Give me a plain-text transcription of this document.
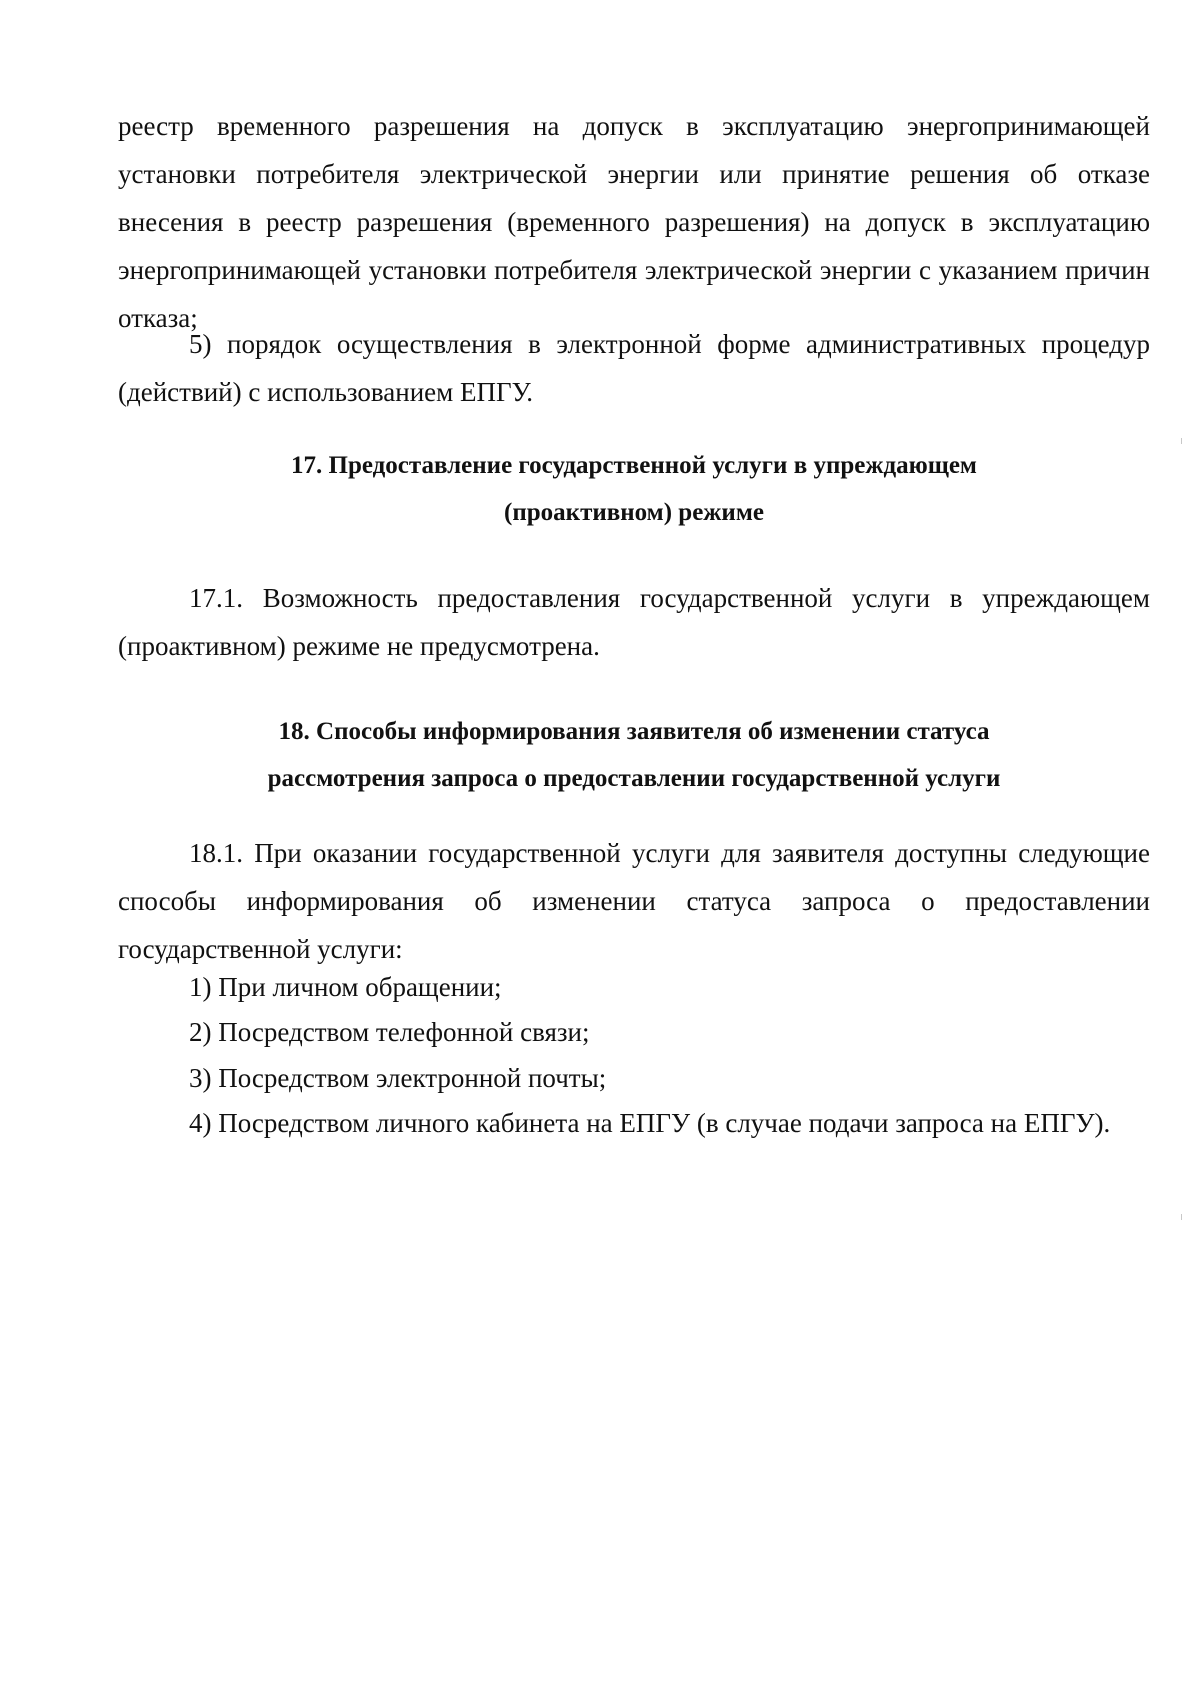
реестр временного разрешения на допуск в эксплуатацию энергопринимающей установки потребителя электрической энергии или принятие решения об отказе внесения в реестр разрешения (временного разрешения) на допуск в эксплуатацию энергопринимающей установки потребителя электрической энергии с указанием причин отказа;

5) порядок осуществления в электронной форме административных процедур (действий) с использованием ЕПГУ.

17. Предоставление государственной услуги в упреждающем
(проактивном) режиме

17.1. Возможность предоставления государственной услуги в упреждающем (проактивном) режиме не предусмотрена.

18. Способы информирования заявителя об изменении статуса
рассмотрения запроса о предоставлении государственной услуги

18.1. При оказании государственной услуги для заявителя доступны следующие способы информирования об изменении статуса запроса о предоставлении государственной услуги:

1) При личном обращении;

2) Посредством телефонной связи;

3) Посредством электронной почты;

4) Посредством личного кабинета на ЕПГУ (в случае подачи запроса на ЕПГУ).
